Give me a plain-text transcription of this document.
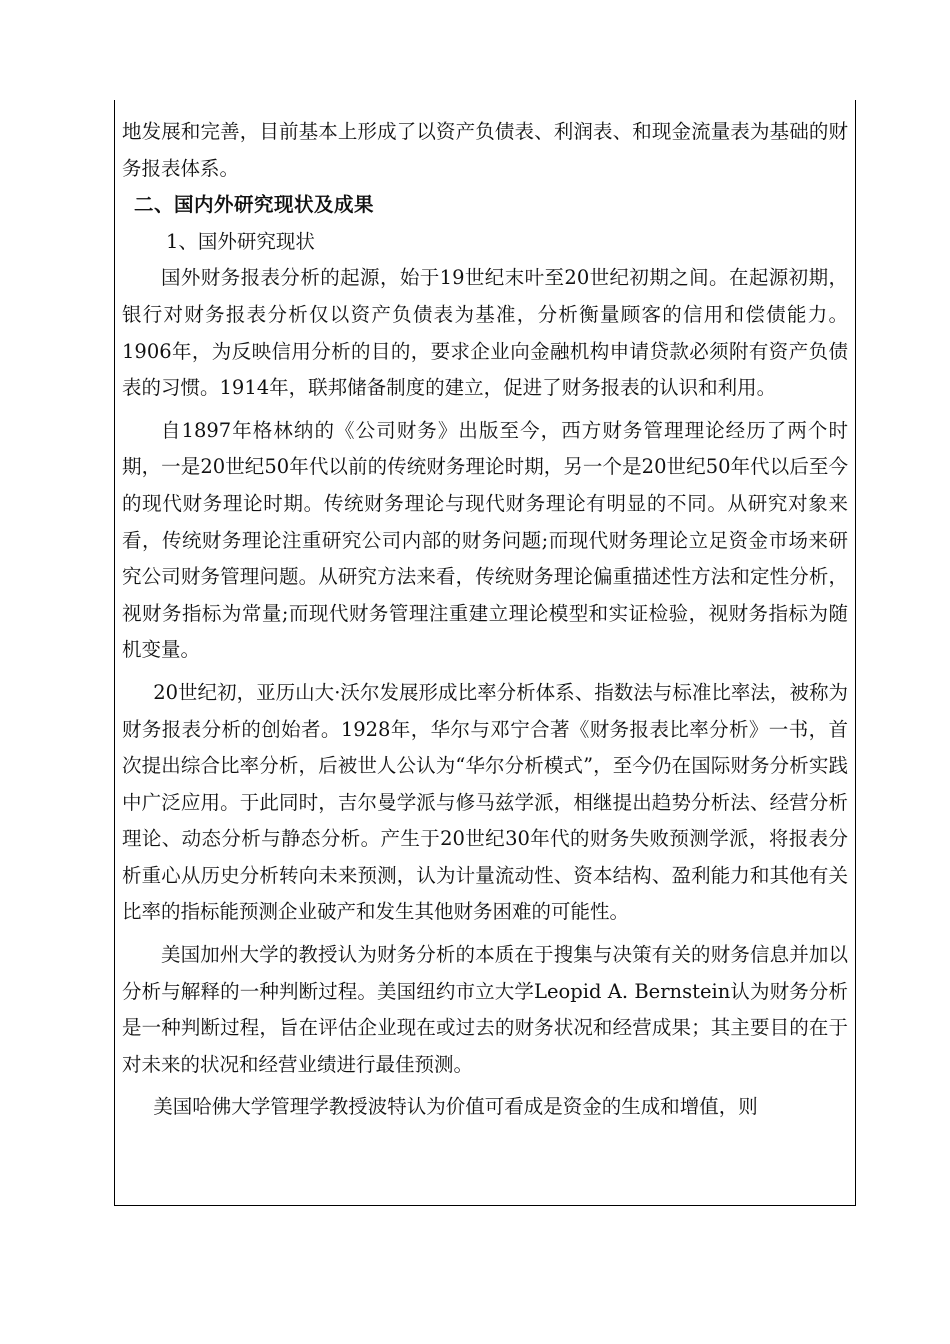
地发展和完善，目前基本上形成了以资产负债表、利润表、和现金流量表为基础的财务报表体系。

二、国内外研究现状及成果

1、国外研究现状

国外财务报表分析的起源，始于19世纪末叶至20世纪初期之间。在起源初期，银行对财务报表分析仅以资产负债表为基准，分析衡量顾客的信用和偿债能力。1906年，为反映信用分析的目的，要求企业向金融机构申请贷款必须附有资产负债表的习惯。1914年，联邦储备制度的建立，促进了财务报表的认识和利用。

自1897年格林纳的《公司财务》出版至今，西方财务管理理论经历了两个时期，一是20世纪50年代以前的传统财务理论时期，另一个是20世纪50年代以后至今的现代财务理论时期。传统财务理论与现代财务理论有明显的不同。从研究对象来看，传统财务理论注重研究公司内部的财务问题;而现代财务理论立足资金市场来研究公司财务管理问题。从研究方法来看，传统财务理论偏重描述性方法和定性分析，视财务指标为常量;而现代财务管理注重建立理论模型和实证检验，视财务指标为随机变量。

20世纪初，亚历山大·沃尔发展形成比率分析体系、指数法与标准比率法，被称为财务报表分析的创始者。1928年，华尔与邓宁合著《财务报表比率分析》一书，首次提出综合比率分析，后被世人公认为“华尔分析模式”，至今仍在国际财务分析实践中广泛应用。于此同时，吉尔曼学派与修马兹学派，相继提出趋势分析法、经营分析理论、动态分析与静态分析。产生于20世纪30年代的财务失败预测学派，将报表分析重心从历史分析转向未来预测，认为计量流动性、资本结构、盈利能力和其他有关比率的指标能预测企业破产和发生其他财务困难的可能性。

美国加州大学的教授认为财务分析的本质在于搜集与决策有关的财务信息并加以分析与解释的一种判断过程。美国纽约市立大学Leopid A. Bernstein认为财务分析是一种判断过程，旨在评估企业现在或过去的财务状况和经营成果；其主要目的在于对未来的状况和经营业绩进行最佳预测。

美国哈佛大学管理学教授波特认为价值可看成是资金的生成和增值，则
